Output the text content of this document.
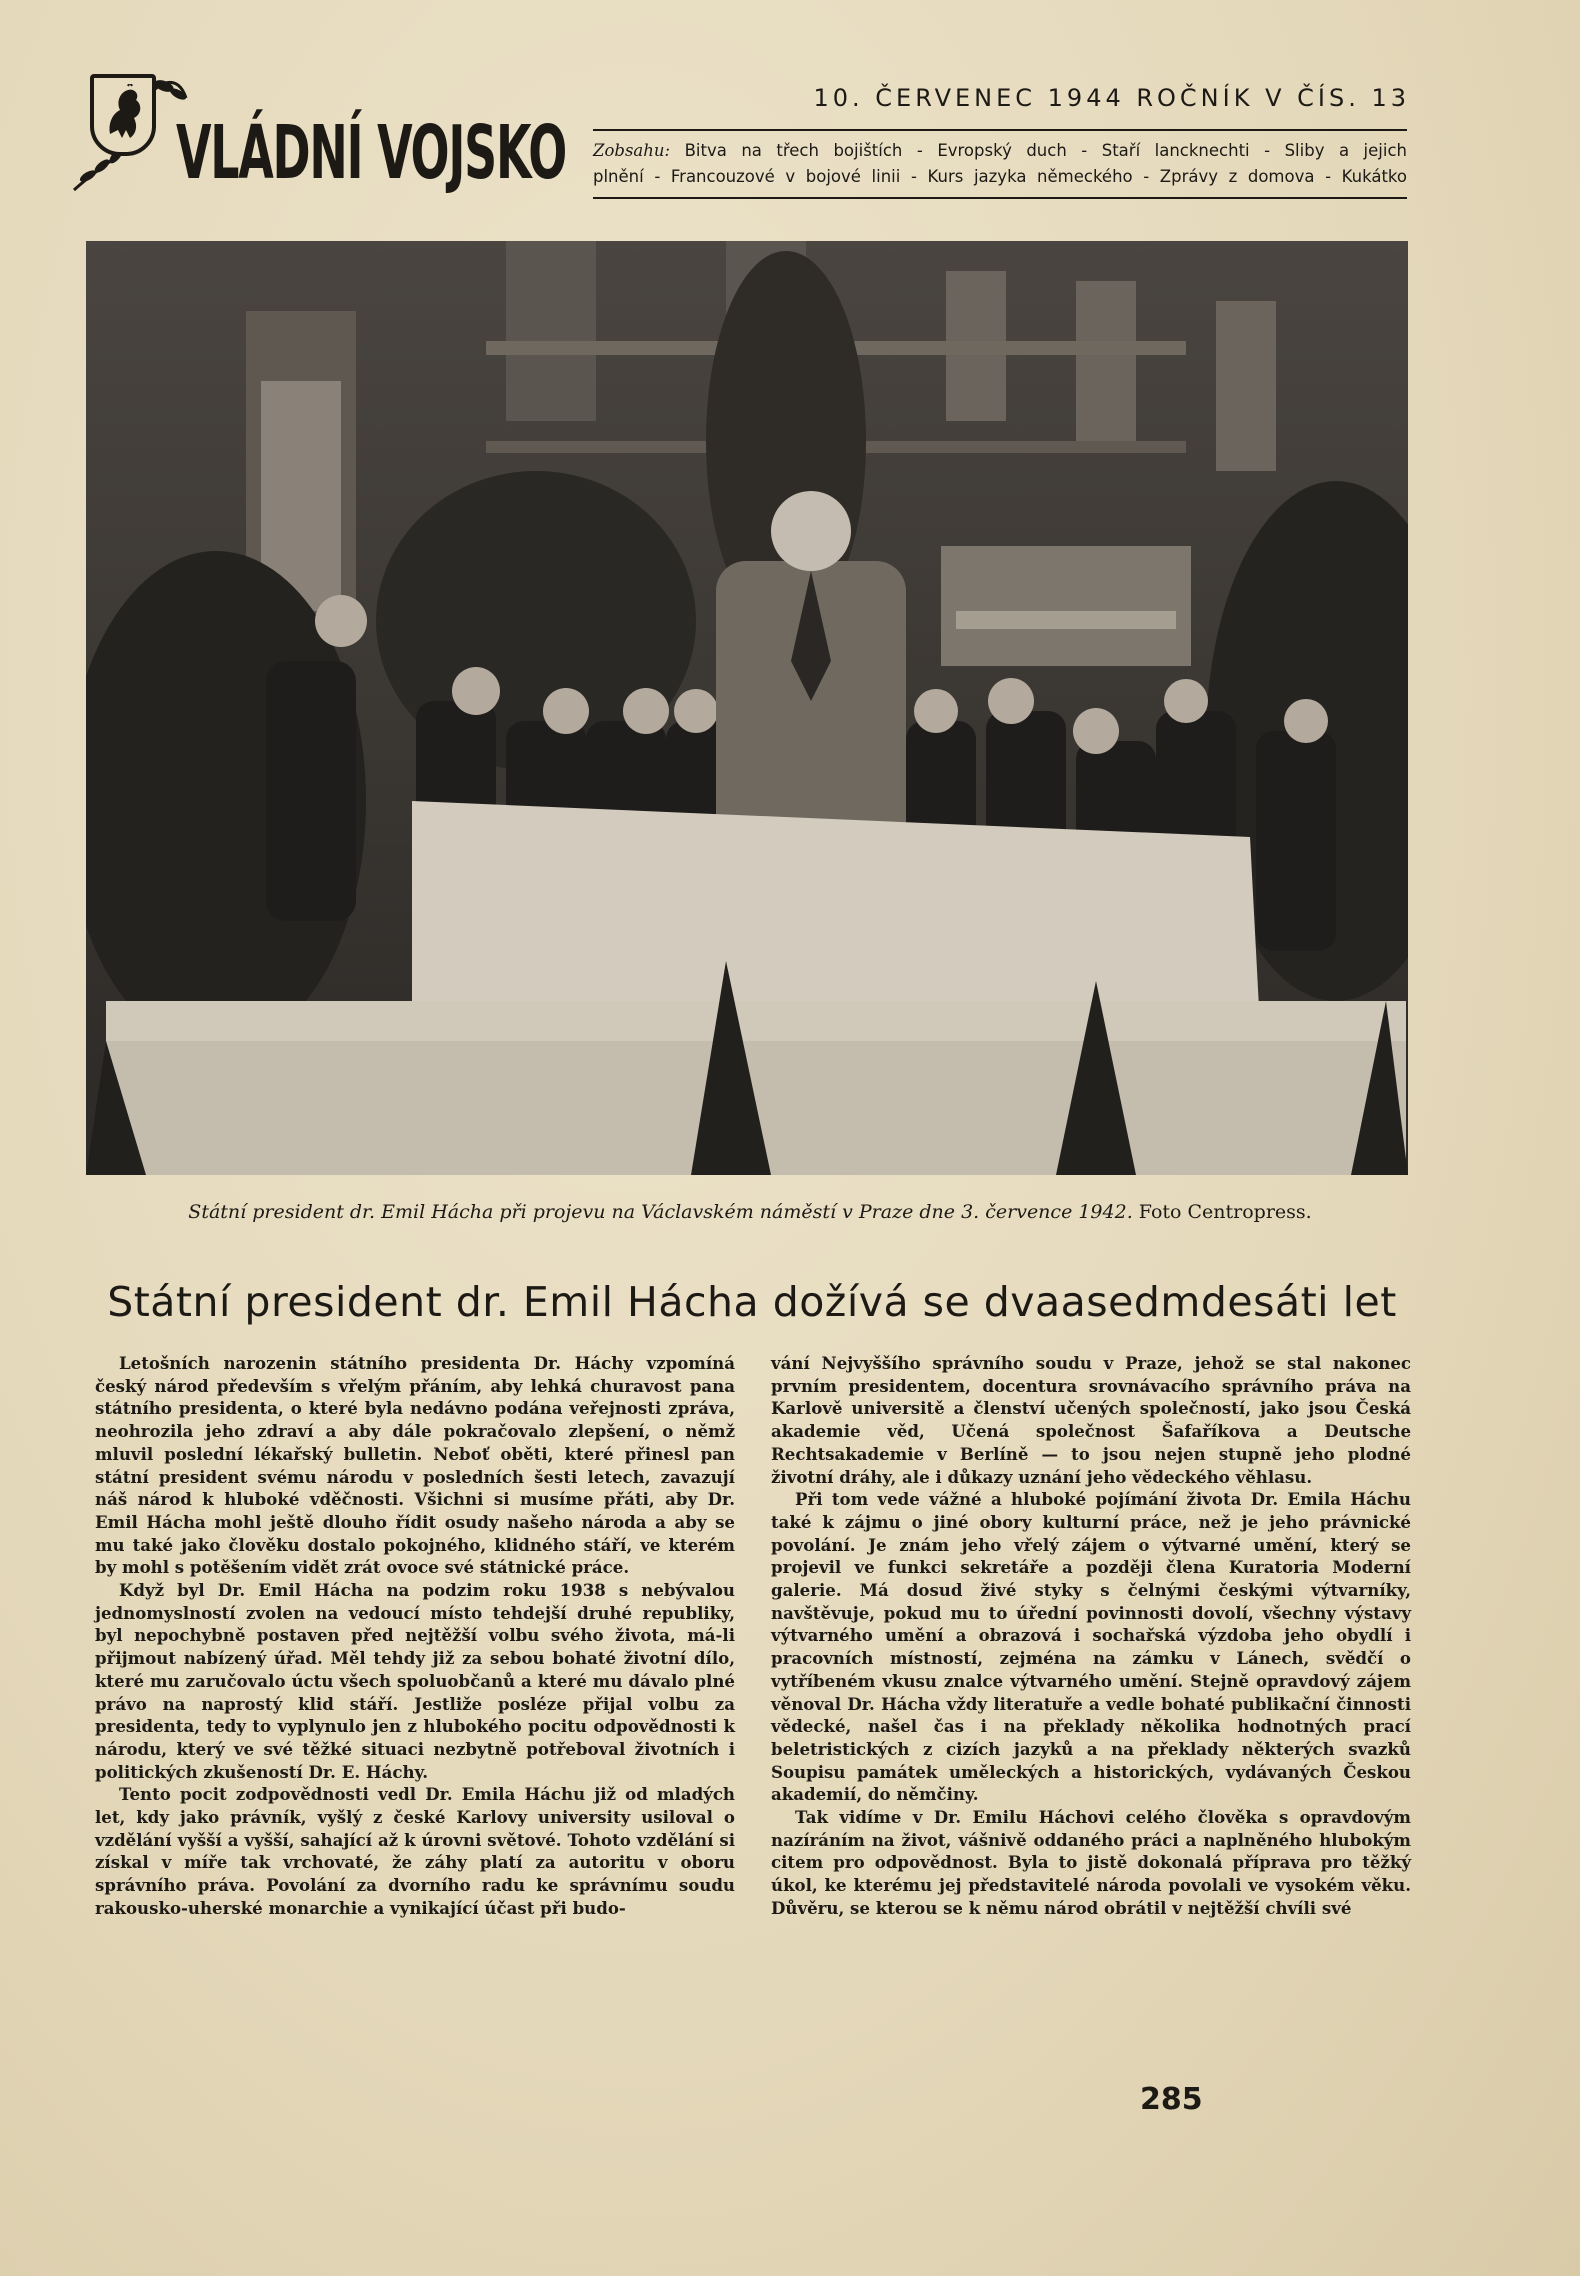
VLÁDNÍ VOJSKO
10. ČERVENEC 1944 ROČNÍK V ČÍS. 13
Zobsahu: Bitva na třech bojištích - Evropský duch - Staří lancknechti - Sliby a jejich
plnění - Francouzové v bojové linii - Kurs jazyka německého - Zprávy z domova - Kukátko
Státní president dr. Emil Hácha při projevu na Václavském náměstí v Praze dne 3. července 1942. Foto Centropress.
Státní president dr. Emil Hácha dožívá se dvaasedmdesáti let

Letošních narozenin státního presidenta Dr. Háchy vzpomíná český národ především s vřelým přáním, aby lehká churavost pana státního presidenta, o které byla nedávno podána veřejnosti zpráva, neohrozila jeho zdraví a aby dále pokračovalo zlepšení, o němž mluvil poslední lékařský bulletin. Neboť oběti, které přinesl pan státní president svému národu v posledních šesti letech, zavazují náš národ k hluboké vděčnosti. Všichni si musíme přáti, aby Dr. Emil Hácha mohl ještě dlouho řídit osudy našeho národa a aby se mu také jako člověku dostalo pokojného, klidného stáří, ve kterém by mohl s potěšením vidět zrát ovoce své státnické práce.

Když byl Dr. Emil Hácha na podzim roku 1938 s nebývalou jednomyslností zvolen na vedoucí místo tehdejší druhé republiky, byl nepochybně postaven před nejtěžší volbu svého života, má-li přijmout nabízený úřad. Měl tehdy již za sebou bohaté životní dílo, které mu zaručovalo úctu všech spoluobčanů a které mu dávalo plné právo na naprostý klid stáří. Jestliže posléze přijal volbu za presidenta, tedy to vyplynulo jen z hlubokého pocitu odpovědnosti k národu, který ve své těžké situaci nezbytně potřeboval životních i politických zkušeností Dr. E. Háchy.

Tento pocit zodpovědnosti vedl Dr. Emila Háchu již od mladých let, kdy jako právník, vyšlý z české Karlovy university usiloval o vzdělání vyšší a vyšší, sahající až k úrovni světové. Tohoto vzdělání si získal v míře tak vrchovaté, že záhy platí za autoritu v oboru správního práva. Povolání za dvorního radu ke správnímu soudu rakousko-uherské monarchie a vynikající účast při budo-

vání Nejvyššího správního soudu v Praze, jehož se stal nakonec prvním presidentem, docentura srovnávacího správního práva na Karlově universitě a členství učených společností, jako jsou Česká akademie věd, Učená společnost Šafaříkova a Deutsche Rechtsakademie v Berlíně — to jsou nejen stupně jeho plodné životní dráhy, ale i důkazy uznání jeho vědeckého věhlasu.

Při tom vede vážné a hluboké pojímání života Dr. Emila Háchu také k zájmu o jiné obory kulturní práce, než je jeho právnické povolání. Je znám jeho vřelý zájem o výtvarné umění, který se projevil ve funkci sekretáře a později člena Kuratoria Moderní galerie. Má dosud živé styky s čelnými českými výtvarníky, navštěvuje, pokud mu to úřední povinnosti dovolí, všechny výstavy výtvarného umění a obrazová i sochařská výzdoba jeho obydlí i pracovních místností, zejména na zámku v Lánech, svědčí o vytříbeném vkusu znalce výtvarného umění. Stejně opravdový zájem věnoval Dr. Hácha vždy literatuře a vedle bohaté publikační činnosti vědecké, našel čas i na překlady několika hodnotných prací beletristických z cizích jazyků a na překlady některých svazků Soupisu památek uměleckých a historických, vydávaných Českou akademií, do němčiny.

Tak vidíme v Dr. Emilu Háchovi celého člověka s opravdovým nazíráním na život, vášnivě oddaného práci a naplněného hlubokým citem pro odpovědnost. Byla to jistě dokonalá příprava pro těžký úkol, ke kterému jej představitelé národa povolali ve vysokém věku. Důvěru, se kterou se k němu národ obrátil v nejtěžší chvíli své

285
